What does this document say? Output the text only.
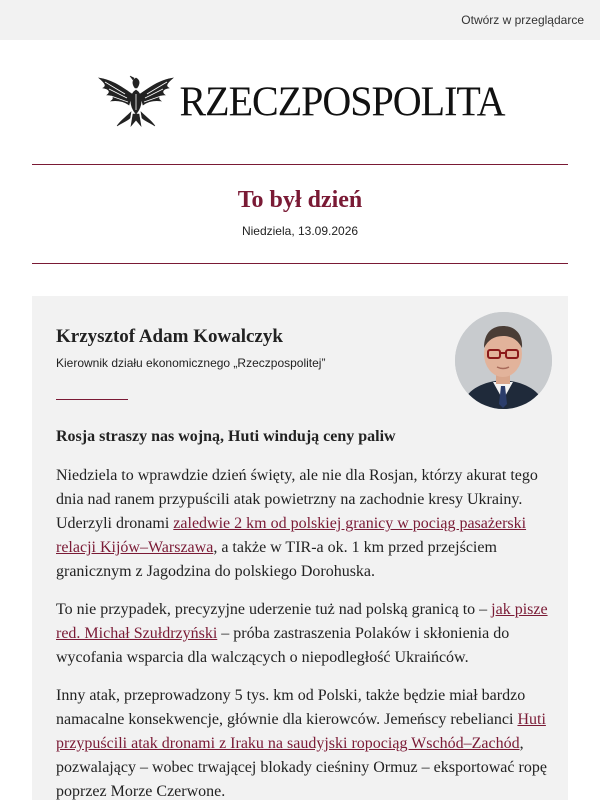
Otwórz w przeglądarce
RZECZPOSPOLITA
To był dzień
Niedziela, 13.09.2026
Krzysztof Adam Kowalczyk
Kierownik działu ekonomicznego „Rzeczpospolitej”
Rosja straszy nas wojną, Huti windują ceny paliw

Niedziela to wprawdzie dzień święty, ale nie dla Rosjan, którzy akurat tego dnia nad ranem przypuścili atak powietrzny na zachodnie kresy Ukrainy. Uderzyli dronami zaledwie 2 km od polskiej granicy w pociąg pasażerski relacji Kijów–Warszawa, a także w TIR-a ok. 1 km przed przejściem granicznym z Jagodzina do polskiego Dorohuska.

To nie przypadek, precyzyjne uderzenie tuż nad polską granicą to – jak pisze red. Michał Szułdrzyński – próba zastraszenia Polaków i skłonienia do wycofania wsparcia dla walczących o niepodległość Ukraińców.

Inny atak, przeprowadzony 5 tys. km od Polski, także będzie miał bardzo namacalne konsekwencje, głównie dla kierowców. Jemeńscy rebelianci Huti przypuścili atak dronami z Iraku na saudyjski ropociąg Wschód–Zachód, pozwalający – wobec trwającej blokady cieśniny Ormuz – eksportować ropę poprzez Morze Czerwone.
